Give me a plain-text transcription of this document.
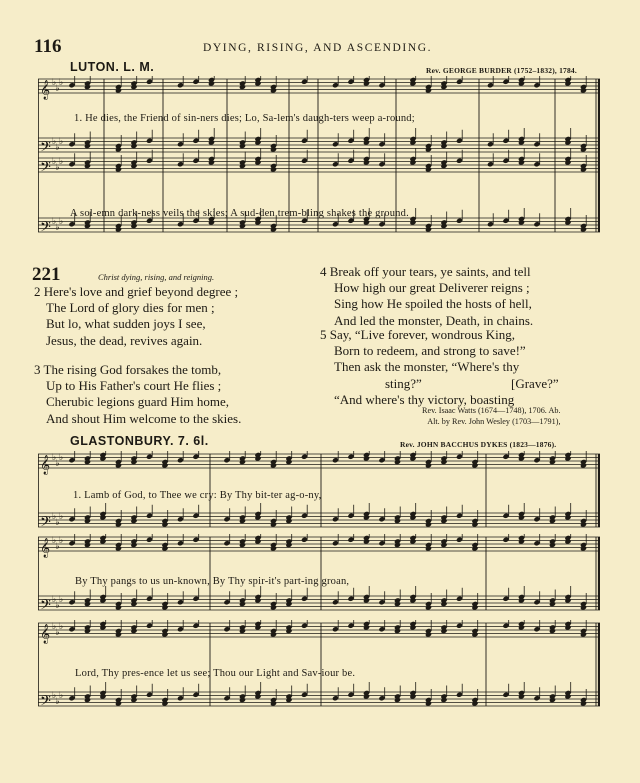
116	DYING, RISING, AND ASCENDING.
LUTON. L. M.	Rev. GEORGE BURDER (1752–1832), 1784.
𝄞 ♭
♭
♭
𝄢 ♭
♭
♭
𝄢 ♭
♭
♭
𝄢 ♭
♭
♭
1. He dies, the Friend of sin-ners dies; Lo, Sa-lem's daugh-ters weep a-round;
A sol-emn dark-ness veils the skies; A sud-den trem-bling shakes the ground.
221	Christ dying, rising, and reigning.
2 Here's love and grief beyond degree ;
The Lord of glory dies for men ;
But lo, what sudden joys I see,
Jesus, the dead, revives again.
3 The rising God forsakes the tomb,
Up to His Father's court He flies ;
Cherubic legions guard Him home,
And shout Him welcome to the skies.
4 Break off your tears, ye saints, and tell
How high our great Deliverer reigns ;
Sing how He spoiled the hosts of hell,
And led the monster, Death, in chains.
5 Say, “Live forever, wondrous King,
Born to redeem, and strong to save!”
Then ask the monster, “Where's thy
sting?”	[Grave?”
“And where's thy victory, boasting
Rev. Isaac Watts (1674—1748), 1706. Ab.
Alt. by Rev. John Wesley (1703—1791),
GLASTONBURY. 7. 6l.	Rev. JOHN BACCHUS DYKES (1823—1876).
𝄞 ♭
♭
♭
𝄢 ♭
♭
♭
𝄞 ♭
♭
♭
𝄢 ♭
♭
♭
𝄞 ♭
♭
♭
𝄢 ♭
♭
♭
1. Lamb of God, to Thee we cry: By Thy bit-ter ag-o-ny,
By Thy pangs to us un-known, By Thy spir-it's part-ing groan,
Lord, Thy pres-ence let us see; Thou our Light and Sav-iour be.
